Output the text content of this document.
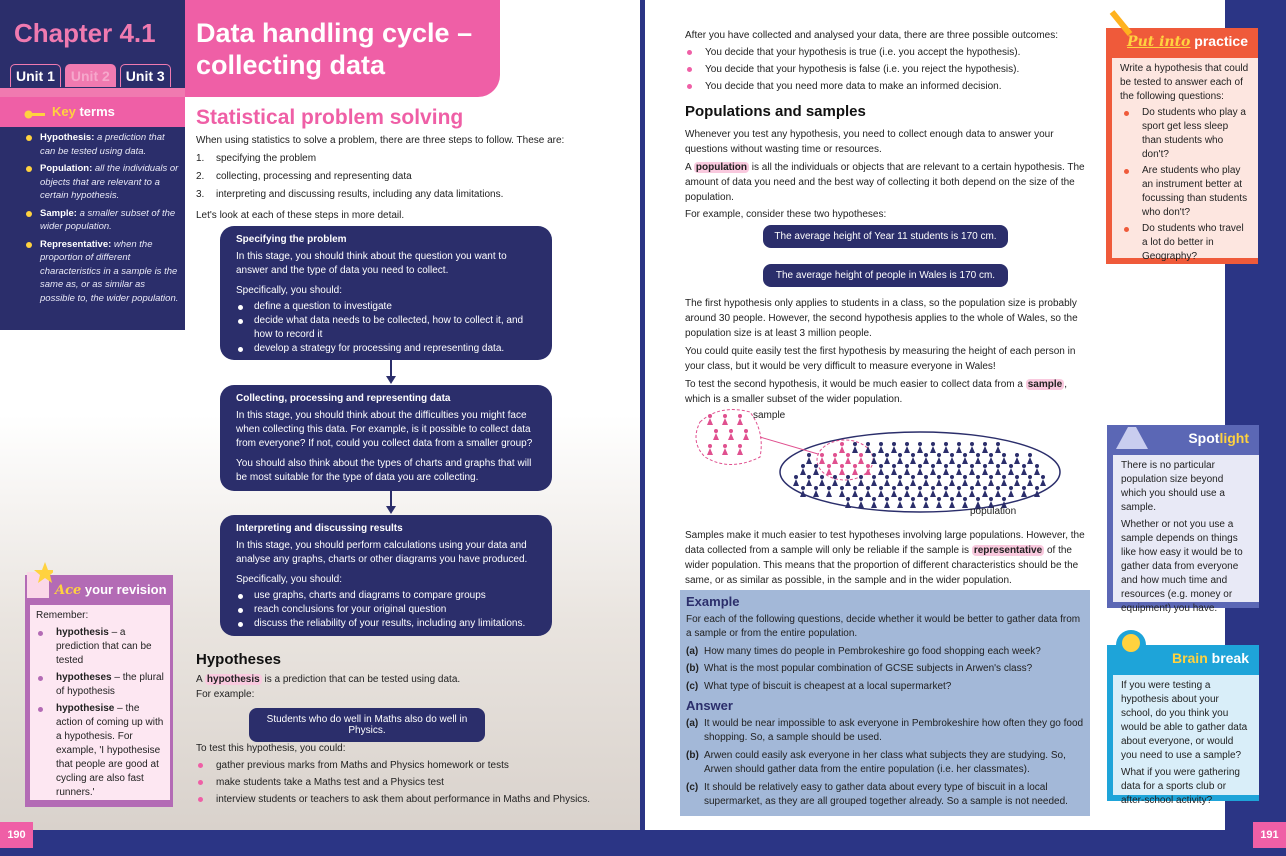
Chapter 4.1
Unit 1	Unit 2	Unit 3
Key terms
Hypothesis: a prediction that can be tested using data.
Population: all the individuals or objects that are relevant to a certain hypothesis.
Sample: a smaller subset of the wider population.
Representative: when the proportion of different characteristics in a sample is the same as, or as similar as possible to, the wider population.
Data handling cycle –
collecting data
Statistical problem solving
When using statistics to solve a problem, there are three steps to follow. These are:
1.	specifying the problem
2.	collecting, processing and representing data
3.	interpreting and discussing results, including any data limitations.
Let's look at each of these steps in more detail.
Specifying the problem
In this stage, you should think about the question you want to answer and the type of data you need to collect.
Specifically, you should:
define a question to investigate
decide what data needs to be collected, how to collect it, and how to record it
develop a strategy for processing and representing data.
Collecting, processing and representing data
In this stage, you should think about the difficulties you might face when collecting this data. For example, is it possible to collect data from everyone? If not, could you collect data from a smaller group?
You should also think about the types of charts and graphs that will be most suitable for the type of data you are collecting.
Interpreting and discussing results
In this stage, you should perform calculations using your data and analyse any graphs, charts or other diagrams you have produced.
Specifically, you should:
use graphs, charts and diagrams to compare groups
reach conclusions for your original question
discuss the reliability of your results, including any limitations.
Hypotheses
A hypothesis is a prediction that can be tested using data.
For example:
Students who do well in Maths also do well in Physics.
To test this hypothesis, you could:
gather previous marks from Maths and Physics homework or tests
make students take a Maths test and a Physics test
interview students or teachers to ask them about performance in Maths and Physics.
Ace your revision
Remember:
hypothesis – a prediction that can be tested
hypotheses – the plural of hypothesis
hypothesise – the action of coming up with a hypothesis. For example, 'I hypothesise that people are good at cycling are also fast runners.'
190
After you have collected and analysed your data, there are three possible outcomes:
You decide that your hypothesis is true (i.e. you accept the hypothesis).
You decide that your hypothesis is false (i.e. you reject the hypothesis).
You decide that you need more data to make an informed decision.
Populations and samples
Whenever you test any hypothesis, you need to collect enough data to answer your questions without wasting time or resources.
A population is all the individuals or objects that are relevant to a certain hypothesis. The amount of data you need and the best way of collecting it both depend on the size of the population.
For example, consider these two hypotheses:
The average height of Year 11 students is 170 cm.
The average height of people in Wales is 170 cm.
The first hypothesis only applies to students in a class, so the population size is probably around 30 people. However, the second hypothesis applies to the whole of Wales, so the population size is at least 3 million people.
You could quite easily test the first hypothesis by measuring the height of each person in your class, but it would be very difficult to measure everyone in Wales!
To test the second hypothesis, it would be much easier to collect data from a sample , which is a smaller subset of the wider population.
sample
population
Samples make it much easier to test hypotheses involving large populations. However, the data collected from a sample will only be reliable if the sample is representative of the wider population. This means that the proportion of different characteristics should be the same, or as similar as possible, in the sample and in the wider population.
Example
For each of the following questions, decide whether it would be better to gather data from a sample or from the entire population.
(a) How many times do people in Pembrokeshire go food shopping each week?
(b) What is the most popular combination of GCSE subjects in Arwen's class?
(c) What type of biscuit is cheapest at a local supermarket?
Answer
(a) It would be near impossible to ask everyone in Pembrokeshire how often they go food shopping. So, a sample should be used.
(b) Arwen could easily ask everyone in her class what subjects they are studying. So, Arwen should gather data from the entire population (i.e. her classmates).
(c) It should be relatively easy to gather data about every type of biscuit in a local supermarket, as they are all grouped together already. So a sample is not needed.
Put into practice

Write a hypothesis that could be tested to answer each of the following questions:

Do students who play a sport get less sleep than students who don't?
Are students who play an instrument better at focussing than students who don't?
Do students who travel a lot do better in Geography?
Spotlight

There is no particular population size beyond which you should use a sample.

Whether or not you use a sample depends on things like how easy it would be to gather data from everyone and how much time and resources (e.g. money or equipment) you have.

Brain break

If you were testing a hypothesis about your school, do you think you would be able to gather data about everyone, or would you need to use a sample?

What if you were gathering data for a sports club or after-school activity?

191
